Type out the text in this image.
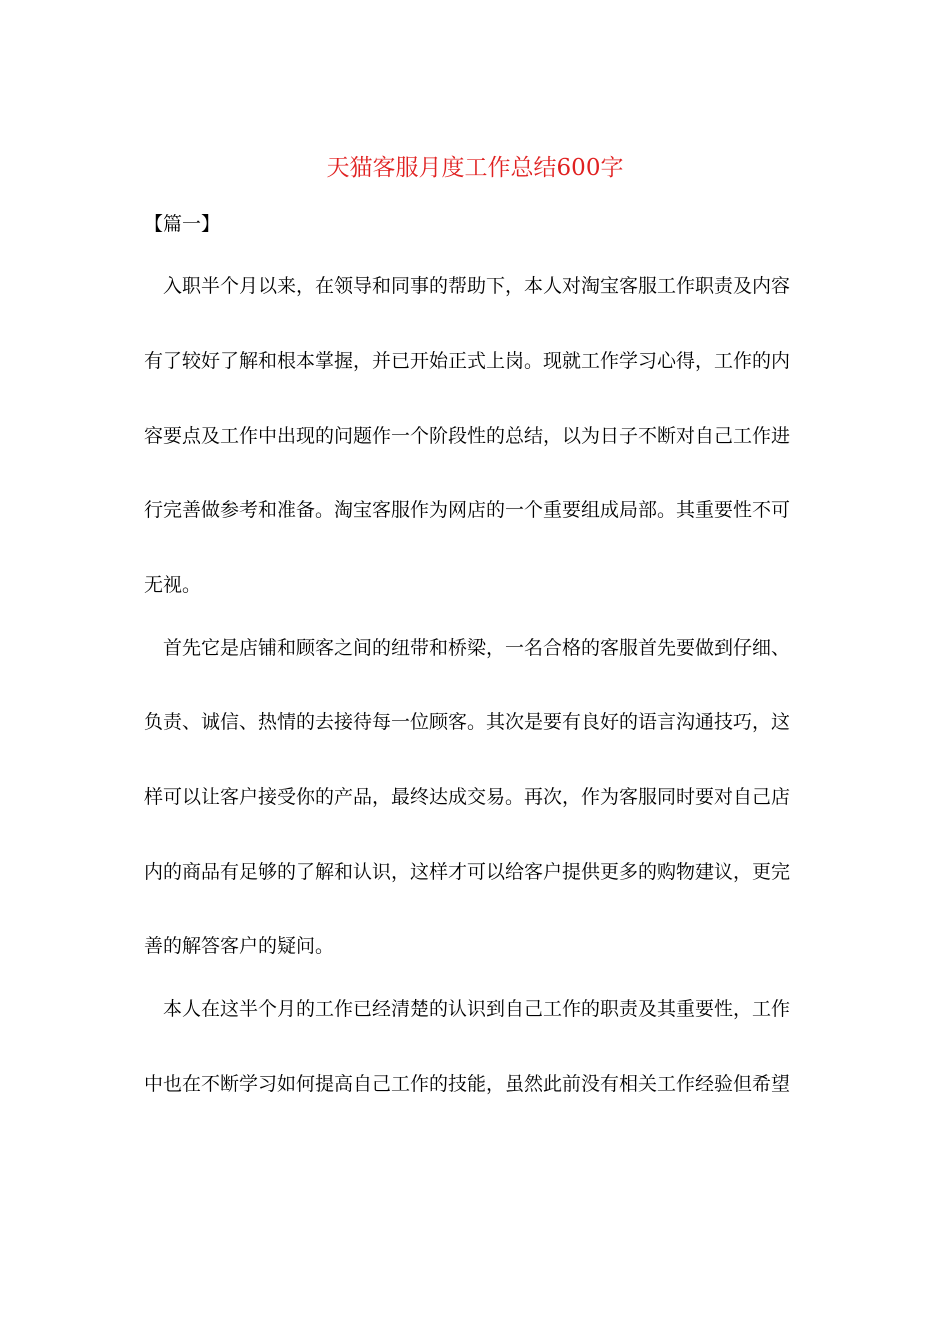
天猫客服月度工作总结600字

【篇一】

入职半个月以来，在领导和同事的帮助下，本人对淘宝客服工作职责及内容

有了较好了解和根本掌握，并已开始正式上岗。现就工作学习心得，工作的内

容要点及工作中出现的问题作一个阶段性的总结，以为日子不断对自己工作进

行完善做参考和准备。淘宝客服作为网店的一个重要组成局部。其重要性不可

无视。

首先它是店铺和顾客之间的纽带和桥梁，一名合格的客服首先要做到仔细、

负责、诚信、热情的去接待每一位顾客。其次是要有良好的语言沟通技巧，这

样可以让客户接受你的产品，最终达成交易。再次，作为客服同时要对自己店

内的商品有足够的了解和认识，这样才可以给客户提供更多的购物建议，更完

善的解答客户的疑问。

本人在这半个月的工作已经清楚的认识到自己工作的职责及其重要性，工作

中也在不断学习如何提高自己工作的技能，虽然此前没有相关工作经验但希望
